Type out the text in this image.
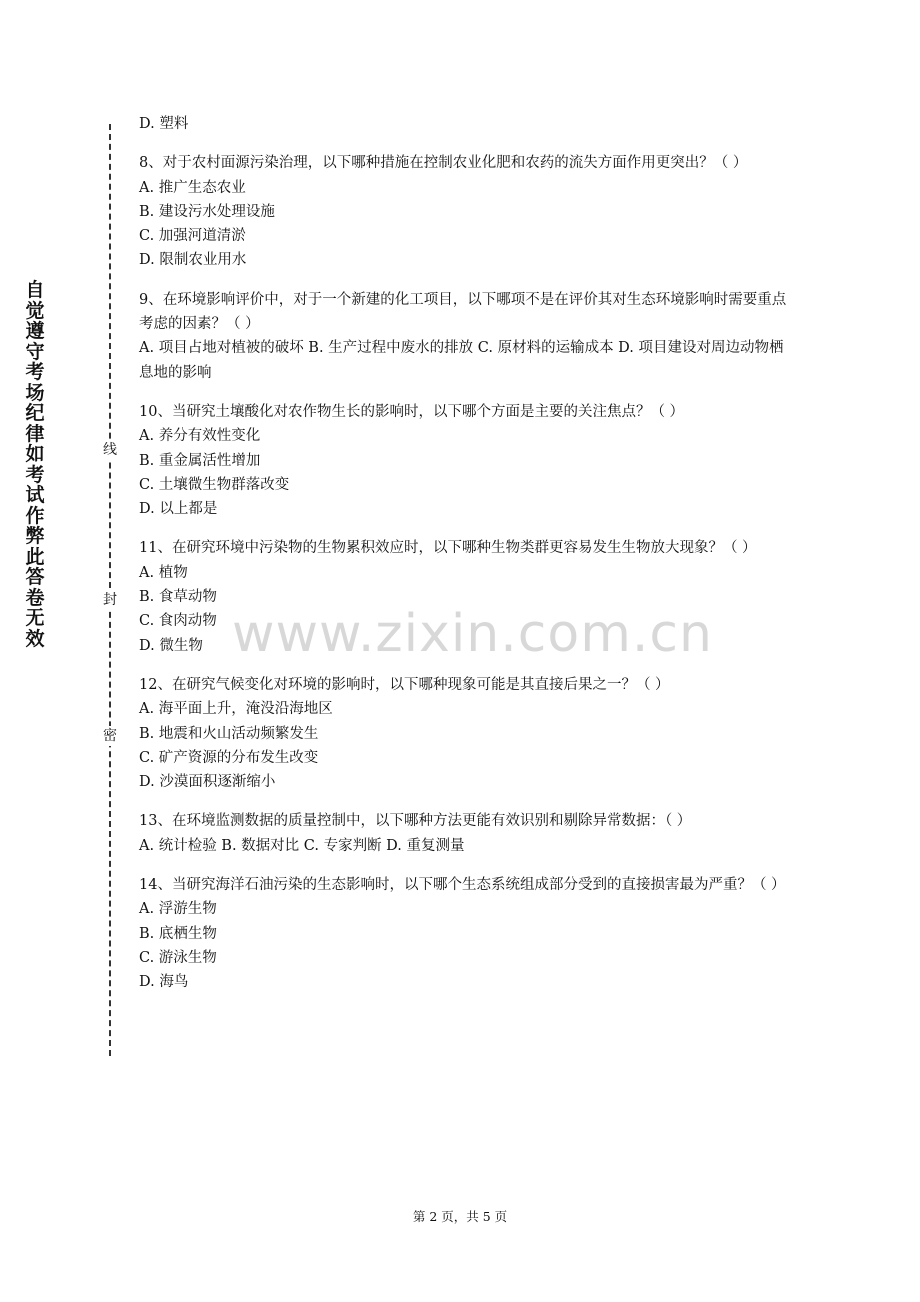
自觉遵守考场纪律如考试作弊此答卷无效
线
封
密
D. 塑料
8、对于农村面源污染治理，以下哪种措施在控制农业化肥和农药的流失方面作用更突出？（ ）
A. 推广生态农业
B. 建设污水处理设施
C. 加强河道清淤
D. 限制农业用水
9、在环境影响评价中，对于一个新建的化工项目，以下哪项不是在评价其对生态环境影响时需要重点考虑的因素？（ ）
A. 项目占地对植被的破坏 B. 生产过程中废水的排放 C. 原材料的运输成本 D. 项目建设对周边动物栖息地的影响
10、当研究土壤酸化对农作物生长的影响时，以下哪个方面是主要的关注焦点？（ ）
A. 养分有效性变化
B. 重金属活性增加
C. 土壤微生物群落改变
D. 以上都是
11、在研究环境中污染物的生物累积效应时，以下哪种生物类群更容易发生生物放大现象？（ ）
A. 植物
B. 食草动物
C. 食肉动物
D. 微生物
12、在研究气候变化对环境的影响时，以下哪种现象可能是其直接后果之一？（ ）
A. 海平面上升，淹没沿海地区
B. 地震和火山活动频繁发生
C. 矿产资源的分布发生改变
D. 沙漠面积逐渐缩小
13、在环境监测数据的质量控制中，以下哪种方法更能有效识别和剔除异常数据：（ ）
A. 统计检验 B. 数据对比 C. 专家判断 D. 重复测量
14、当研究海洋石油污染的生态影响时，以下哪个生态系统组成部分受到的直接损害最为严重？（ ）
A. 浮游生物
B. 底栖生物
C. 游泳生物
D. 海鸟
www.zixin.com.cn
第 2 页，共 5 页
